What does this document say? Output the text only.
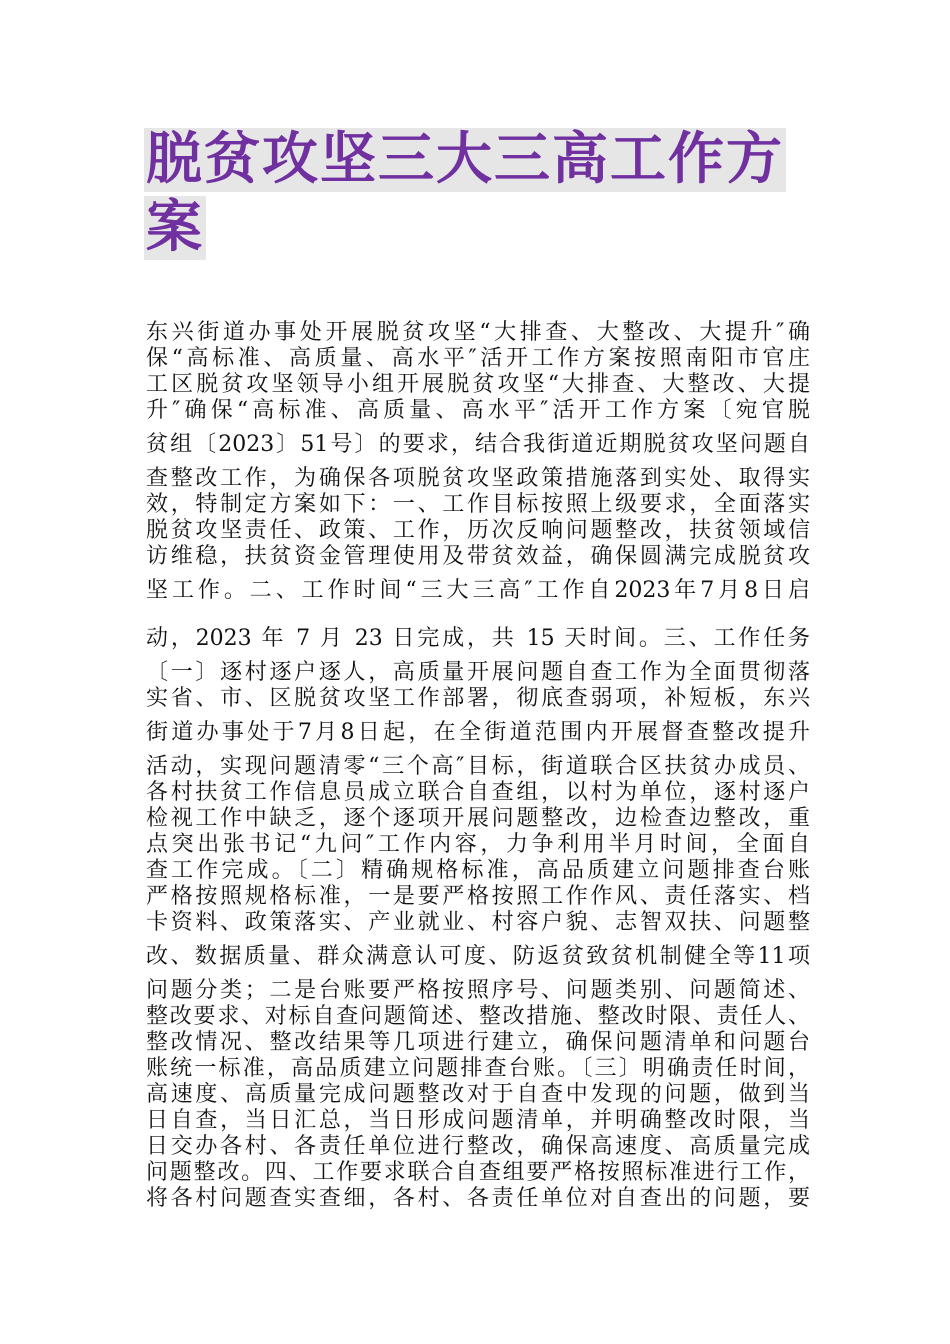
脱贫攻坚三大三高工作方
案

东兴街道办事处开展脱贫攻坚“大排查、大整改、大提升″确

保“高标准、高质量、高水平″活开工作方案按照南阳市官庄

工区脱贫攻坚领导小组开展脱贫攻坚“大排查、大整改、大提

升″确保“高标准、高质量、高水平″活开工作方案〔宛官脱

贫组〔2023〕51号〕的要求，结合我街道近期脱贫攻坚问题自

查整改工作，为确保各项脱贫攻坚政策措施落到实处、取得实

效，特制定方案如下：一、工作目标按照上级要求，全面落实

脱贫攻坚责任、政策、工作，历次反响问题整改，扶贫领域信

访维稳，扶贫资金管理使用及带贫效益，确保圆满完成脱贫攻

坚工作。二、工作时间“三大三高″工作自2023年7月8日启

动，2023 年 7 月 23 日完成，共 15 天时间。三、工作任务

〔一〕逐村逐户逐人，高质量开展问题自查工作为全面贯彻落

实省、市、区脱贫攻坚工作部署，彻底查弱项，补短板，东兴

街道办事处于7月8日起，在全街道范围内开展督查整改提升

活动，实现问题清零“三个高″目标，街道联合区扶贫办成员、

各村扶贫工作信息员成立联合自查组，以村为单位，逐村逐户

检视工作中缺乏，逐个逐项开展问题整改，边检查边整改，重

点突出张书记“九问″工作内容，力争利用半月时间，全面自

查工作完成。〔二〕精确规格标准，高品质建立问题排查台账

严格按照规格标准，一是要严格按照工作作风、责任落实、档

卡资料、政策落实、产业就业、村容户貌、志智双扶、问题整

改、数据质量、群众满意认可度、防返贫致贫机制健全等11项

问题分类；二是台账要严格按照序号、问题类别、问题简述、

整改要求、对标自查问题简述、整改措施、整改时限、责任人、

整改情况、整改结果等几项进行建立，确保问题清单和问题台

账统一标准，高品质建立问题排查台账。〔三〕明确责任时间，

高速度、高质量完成问题整改对于自查中发现的问题，做到当

日自查，当日汇总，当日形成问题清单，并明确整改时限，当

日交办各村、各责任单位进行整改，确保高速度、高质量完成

问题整改。四、工作要求联合自查组要严格按照标准进行工作，

将各村问题查实查细，各村、各责任单位对自查出的问题，要
